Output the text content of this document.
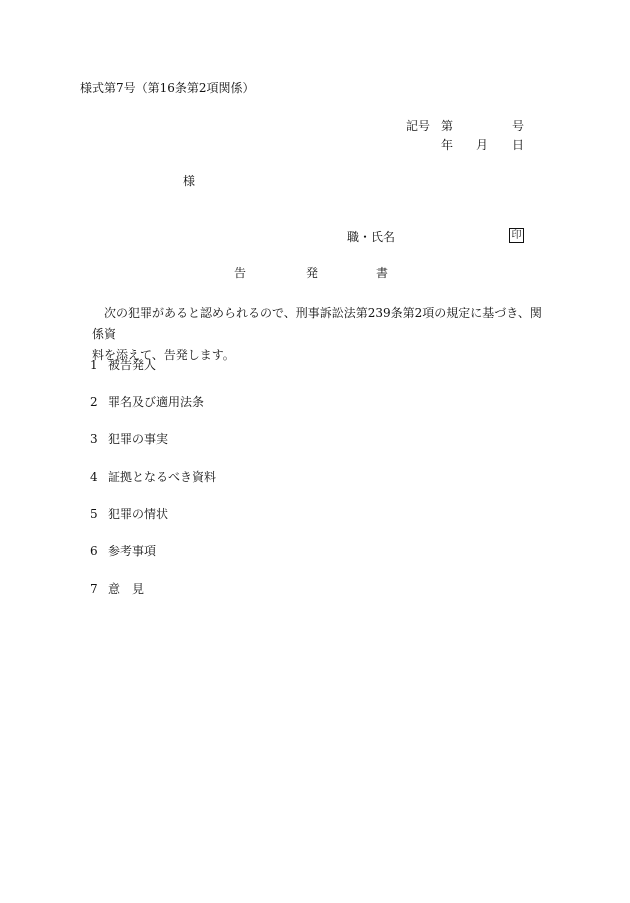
様式第7号（第16条第2項関係）
記号 第	号
年 月 日
様
職・氏名	印
告	発	書
次の犯罪があると認められるので、刑事訴訟法第239条第2項の規定に基づき、関係資
料を添えて、告発します。
1 被告発人
2 罪名及び適用法条
3 犯罪の事実
4 証拠となるべき資料
5 犯罪の情状
6 参考事項
7 意　見
